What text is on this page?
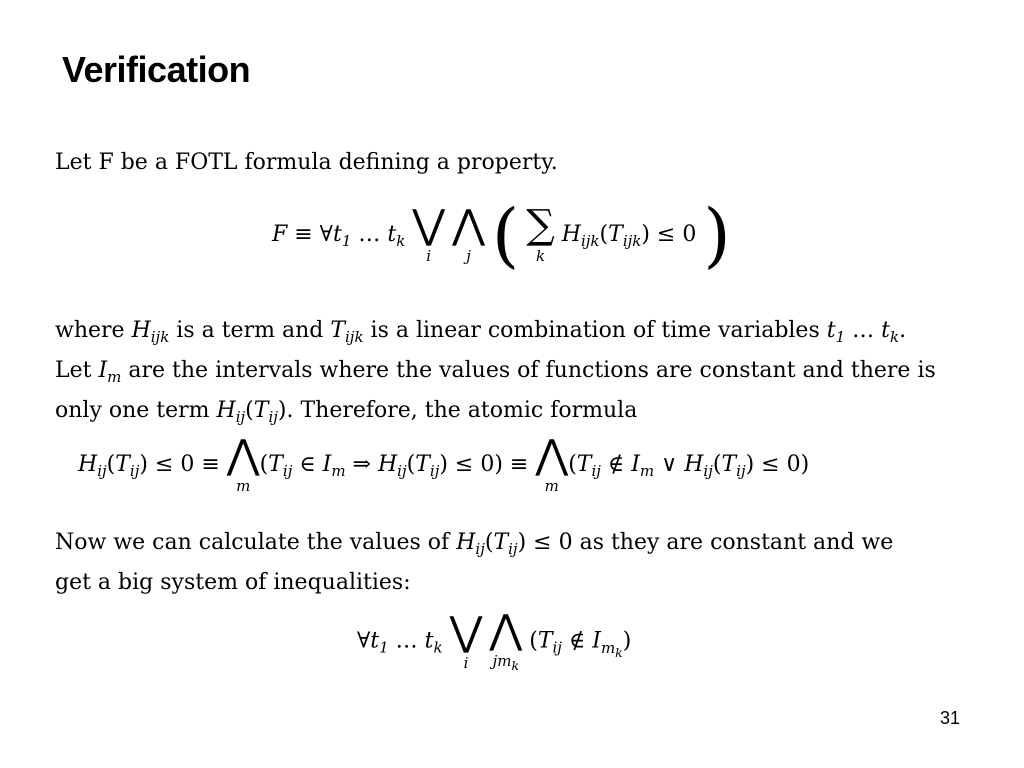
Verification
Let F be a FOTL formula defining a property.
$F \equiv \forall t_1$ … $t_k$ ⋁
i

⋀
j ( ∑
k
$H_{ijk}(T_{ijk}) \le 0$ )
where $H_{ijk}$ is a term and $T_{ijk}$ is a linear combination of time variables $t_1$ … $t_k$.
Let $I_m$ are the intervals where the values of functions are constant and there is
only one term $H_{ij}(T_{ij})$. Therefore, the atomic formula
$H_{ij}(T_{ij}) \le 0$ ≡ ⋀
m
($T_{ij}$ ∈ $I_m$ ⇒ $H_{ij}(T_{ij}) \le 0$) ≡ ⋀
m
($T_{ij}$ ∉ $I_m$ ∨ $H_{ij}(T_{ij}) \le 0$)
Now we can calculate the values of $H_{ij}(T_{ij}) \le 0$ as they are constant and we
get a big system of inequalities:
$\forall t_1$ … $t_k$ ⋁
i

⋀
$jm_k$
($T_{ij}$ ∉ $I_{m_k}$)
31
